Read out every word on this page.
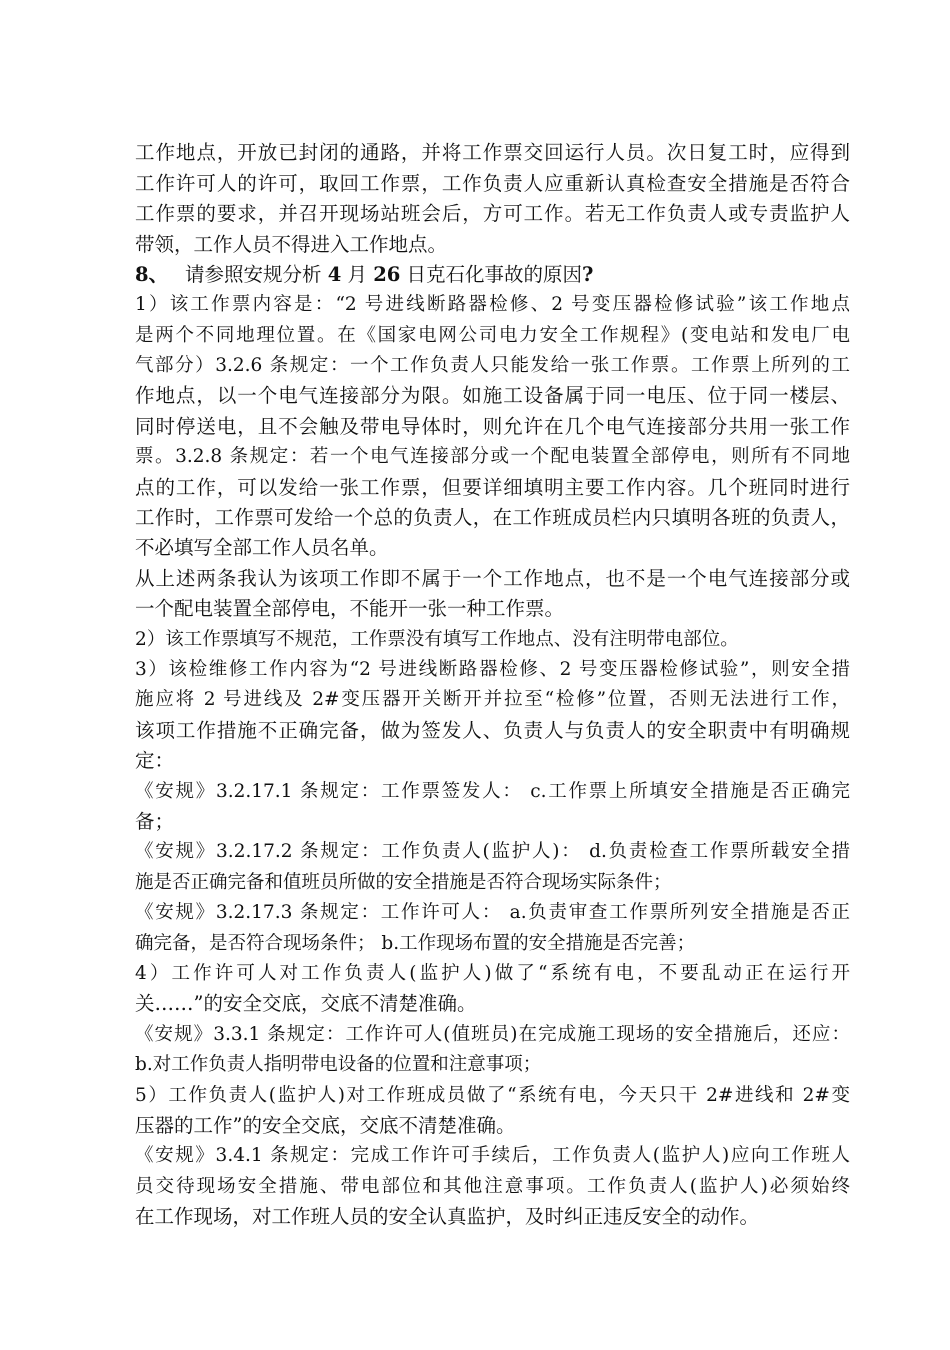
工作地点，开放已封闭的通路，并将工作票交回运行人员。次日复工时，应得到
工作许可人的许可，取回工作票，工作负责人应重新认真检查安全措施是否符合
工作票的要求，并召开现场站班会后，方可工作。若无工作负责人或专责监护人
带领，工作人员不得进入工作地点。
8、 请参照安规分析 4 月 26 日克石化事故的原因?
1）该工作票内容是：“2 号进线断路器检修、2 号变压器检修试验”该工作地点
是两个不同地理位置。在《国家电网公司电力安全工作规程》(变电站和发电厂电
气部分）3.2.6 条规定：一个工作负责人只能发给一张工作票。工作票上所列的工
作地点，以一个电气连接部分为限。如施工设备属于同一电压、位于同一楼层、
同时停送电，且不会触及带电导体时，则允许在几个电气连接部分共用一张工作
票。3.2.8 条规定：若一个电气连接部分或一个配电装置全部停电，则所有不同地
点的工作，可以发给一张工作票，但要详细填明主要工作内容。几个班同时进行
工作时，工作票可发给一个总的负责人，在工作班成员栏内只填明各班的负责人，
不必填写全部工作人员名单。
从上述两条我认为该项工作即不属于一个工作地点，也不是一个电气连接部分或
一个配电装置全部停电，不能开一张一种工作票。
2）该工作票填写不规范，工作票没有填写工作地点、没有注明带电部位。
3）该检维修工作内容为“2 号进线断路器检修、2 号变压器检修试验”，则安全措
施应将 2 号进线及 2#变压器开关断开并拉至“检修”位置，否则无法进行工作，
该项工作措施不正确完备，做为签发人、负责人与负责人的安全职责中有明确规
定：
《安规》3.2.17.1 条规定：工作票签发人： c.工作票上所填安全措施是否正确完
备；
《安规》3.2.17.2 条规定：工作负责人(监护人)： d.负责检查工作票所载安全措
施是否正确完备和值班员所做的安全措施是否符合现场实际条件；
《安规》3.2.17.3 条规定：工作许可人： a.负责审查工作票所列安全措施是否正
确完备，是否符合现场条件； b.工作现场布置的安全措施是否完善；
4）工作许可人对工作负责人(监护人)做了“系统有电，不要乱动正在运行开
关……”的安全交底，交底不清楚准确。
《安规》3.3.1 条规定：工作许可人(值班员)在完成施工现场的安全措施后，还应：
b.对工作负责人指明带电设备的位置和注意事项；
5）工作负责人(监护人)对工作班成员做了“系统有电，今天只干 2#进线和 2#变
压器的工作”的安全交底，交底不清楚准确。
《安规》3.4.1 条规定：完成工作许可手续后，工作负责人(监护人)应向工作班人
员交待现场安全措施、带电部位和其他注意事项。工作负责人(监护人)必须始终
在工作现场，对工作班人员的安全认真监护，及时纠正违反安全的动作。
